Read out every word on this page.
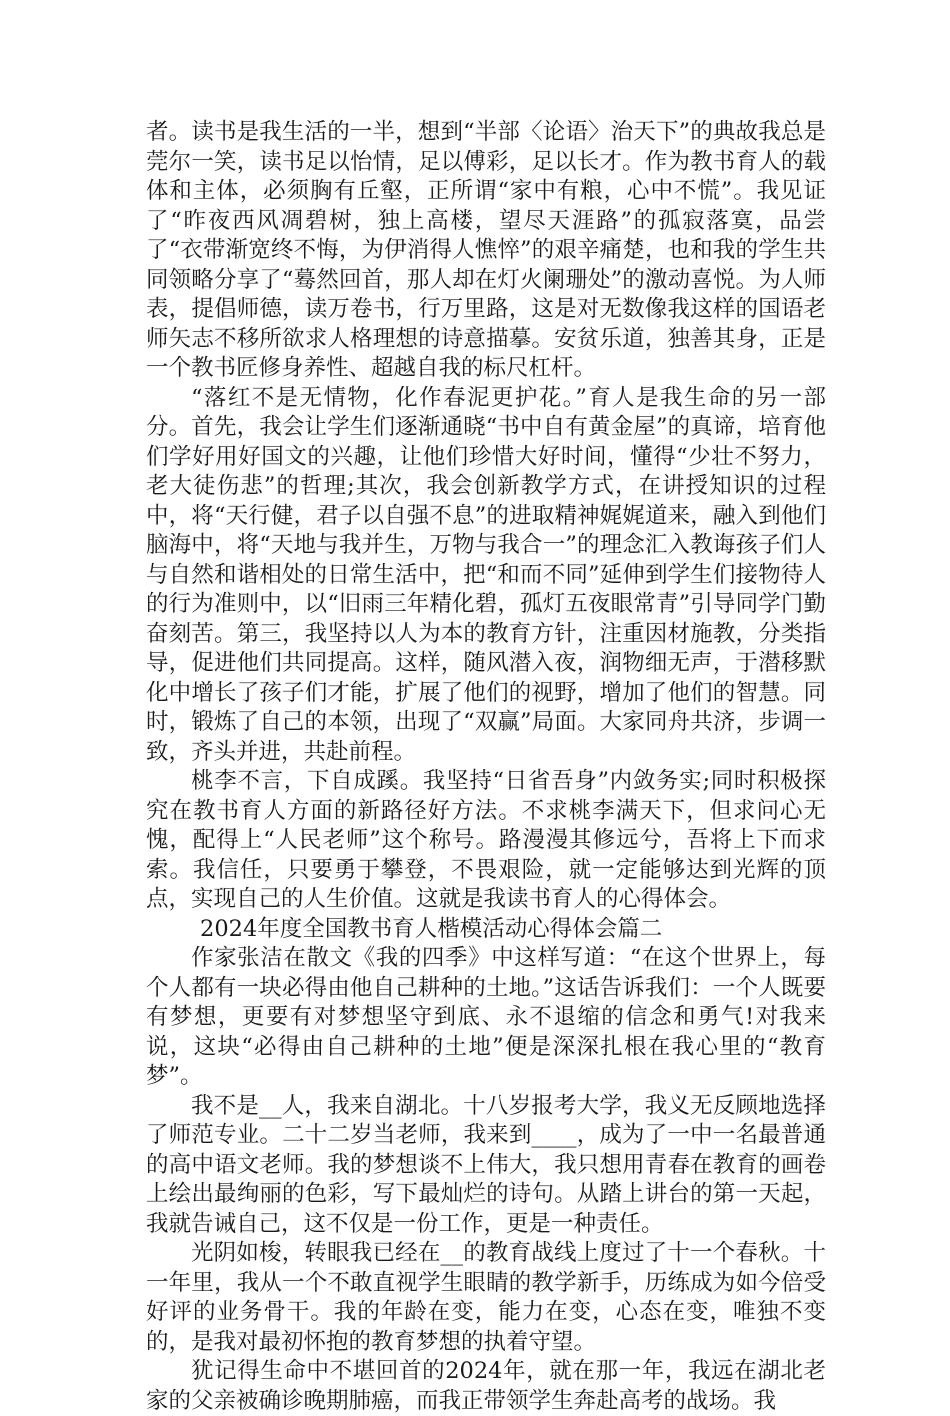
者。读书是我生活的一半，想到“半部〈论语〉治天下”的典故我总是莞尔一笑，读书足以怡情，足以傅彩，足以长才。作为教书育人的载体和主体，必须胸有丘壑，正所谓“家中有粮，心中不慌”。我见证了“昨夜西风凋碧树，独上高楼，望尽天涯路”的孤寂落寞，品尝了“衣带渐宽终不悔，为伊消得人憔悴”的艰辛痛楚，也和我的学生共同领略分享了“蓦然回首，那人却在灯火阑珊处”的激动喜悦。为人师表，提倡师德，读万卷书，行万里路，这是对无数像我这样的国语老师矢志不移所欲求人格理想的诗意描摹。安贫乐道，独善其身，正是一个教书匠修身养性、超越自我的标尺杠杆。

“落红不是无情物，化作春泥更护花。”育人是我生命的另一部分。首先，我会让学生们逐渐通晓“书中自有黄金屋”的真谛，培育他们学好用好国文的兴趣，让他们珍惜大好时间，懂得“少壮不努力，老大徒伤悲”的哲理;其次，我会创新教学方式，在讲授知识的过程中，将“天行健，君子以自强不息”的进取精神娓娓道来，融入到他们脑海中，将“天地与我并生，万物与我合一”的理念汇入教诲孩子们人与自然和谐相处的日常生活中，把“和而不同”延伸到学生们接物待人的行为准则中，以“旧雨三年精化碧，孤灯五夜眼常青”引导同学门勤奋刻苦。第三，我坚持以人为本的教育方针，注重因材施教，分类指导，促进他们共同提高。这样，随风潜入夜，润物细无声，于潜移默化中增长了孩子们才能，扩展了他们的视野，增加了他们的智慧。同时，锻炼了自己的本领，出现了“双赢”局面。大家同舟共济，步调一致，齐头并进，共赴前程。

桃李不言，下自成蹊。我坚持“日省吾身”内敛务实;同时积极探究在教书育人方面的新路径好方法。不求桃李满天下，但求问心无愧，配得上“人民老师”这个称号。路漫漫其修远兮，吾将上下而求索。我信任，只要勇于攀登，不畏艰险，就一定能够达到光辉的顶点，实现自己的人生价值。这就是我读书育人的心得体会。

2024年度全国教书育人楷模活动心得体会篇二

作家张洁在散文《我的四季》中这样写道：“在这个世界上，每个人都有一块必得由他自己耕种的土地。”这话告诉我们：一个人既要有梦想，更要有对梦想坚守到底、永不退缩的信念和勇气!对我来说，这块“必得由自己耕种的土地”便是深深扎根在我心里的“教育梦”。

我不是__人，我来自湖北。十八岁报考大学，我义无反顾地选择了师范专业。二十二岁当老师，我来到____，成为了一中一名最普通的高中语文老师。我的梦想谈不上伟大，我只想用青春在教育的画卷上绘出最绚丽的色彩，写下最灿烂的诗句。从踏上讲台的第一天起，我就告诫自己，这不仅是一份工作，更是一种责任。

光阴如梭，转眼我已经在__的教育战线上度过了十一个春秋。十一年里，我从一个不敢直视学生眼睛的教学新手，历练成为如今倍受好评的业务骨干。我的年龄在变，能力在变，心态在变，唯独不变的，是我对最初怀抱的教育梦想的执着守望。

犹记得生命中不堪回首的2024年，就在那一年，我远在湖北老家的父亲被确诊晚期肺癌，而我正带领学生奔赴高考的战场。我
